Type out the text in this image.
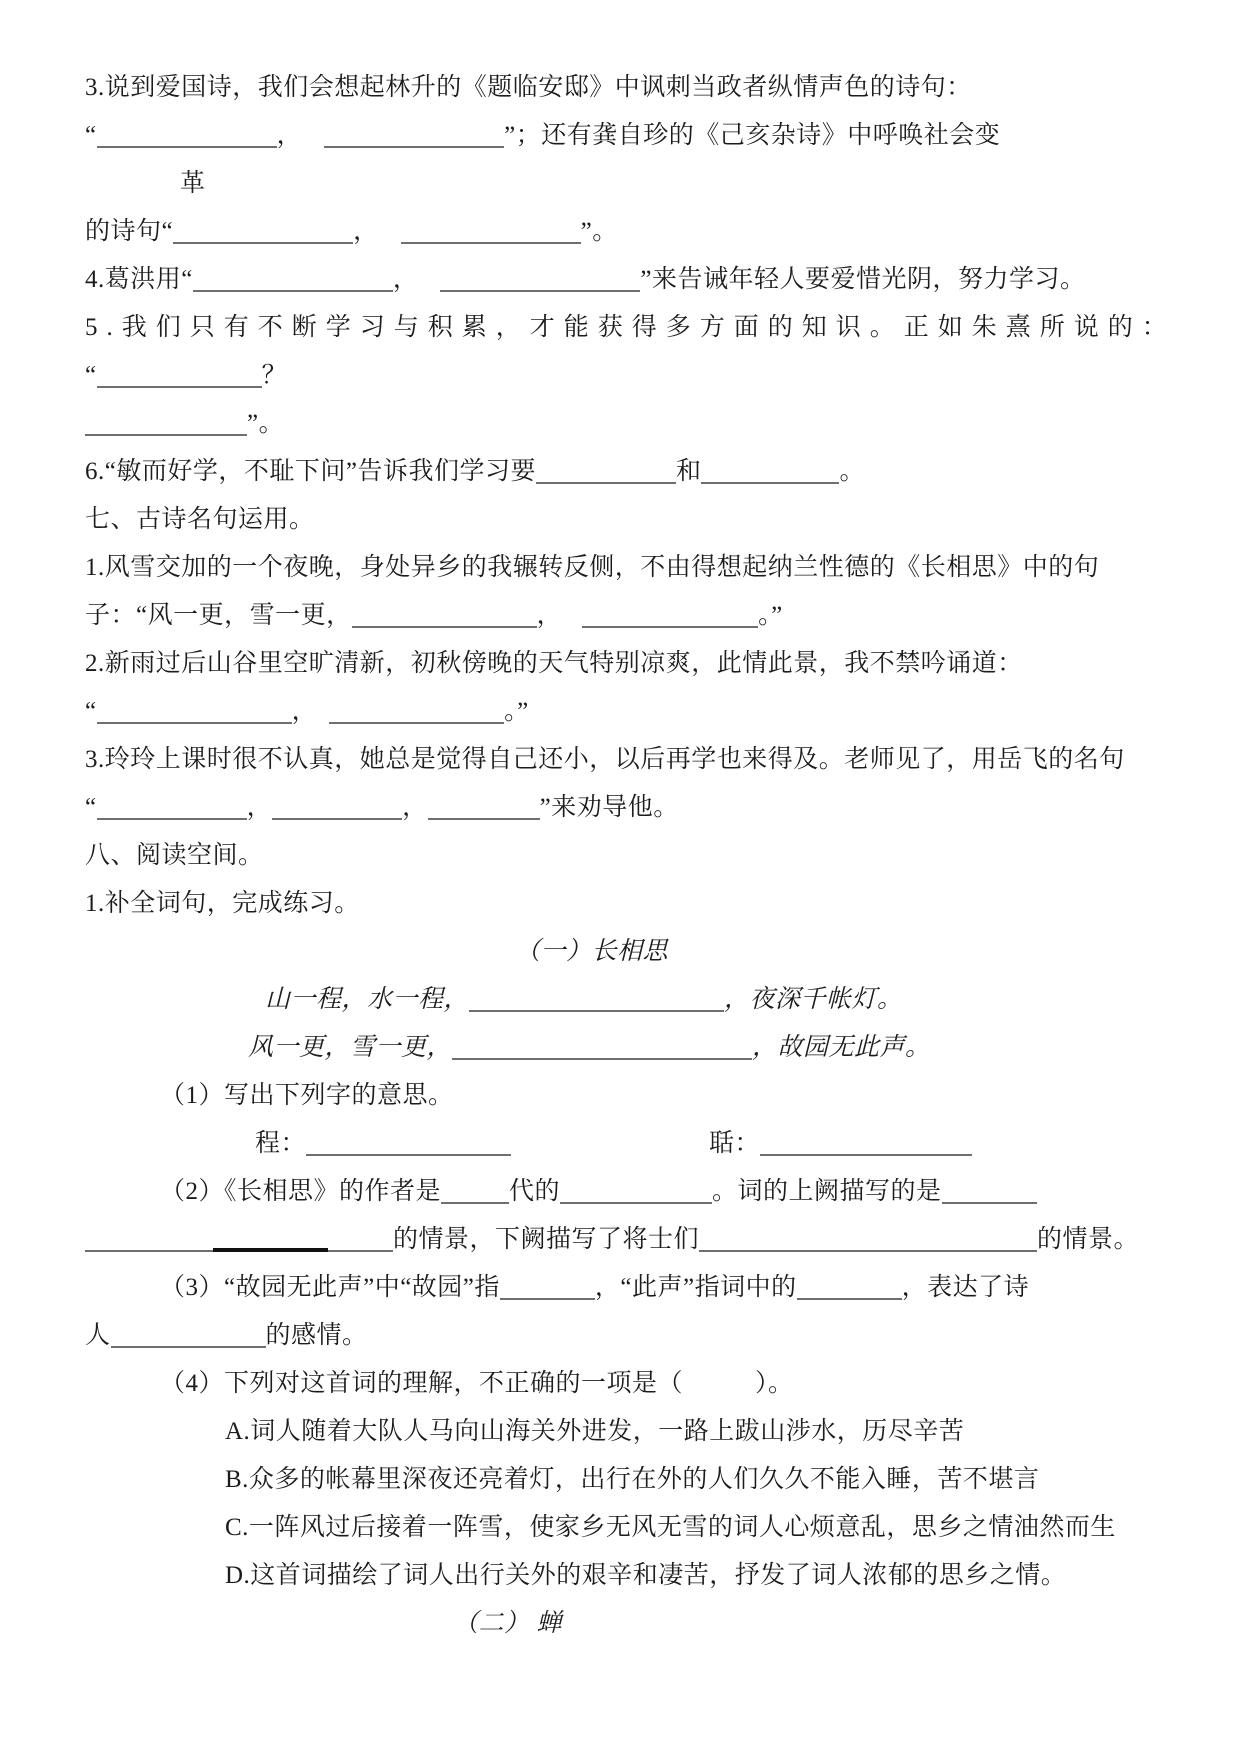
3.说到爱国诗，我们会想起林升的《题临安邸》中讽刺当政者纵情声色的诗句：
“	，	”；还有龚自珍的《己亥杂诗》中呼唤社会变
革
的诗句“	，	”。
4.葛洪用“	，	”来告诫年轻人要爱惜光阴，努力学习。
5.我们只有不断学习与积累，才能获得多方面的知识。正如朱熹所说的：
“	？
”。
6.“敏而好学，不耻下问”告诉我们学习要	和	。
七、古诗名句运用。
1.风雪交加的一个夜晚，身处异乡的我辗转反侧，不由得想起纳兰性德的《长相思》中的句
子：“风一更，雪一更，	，	。”
2.新雨过后山谷里空旷清新，初秋傍晚的天气特别凉爽，此情此景，我不禁吟诵道：
“	，	。”
3.玲玲上课时很不认真，她总是觉得自己还小，以后再学也来得及。老师见了，用岳飞的名句
“	，	，	”来劝导他。
八、阅读空间。
1.补全词句，完成练习。
（一）长相思
山一程，水一程，	，夜深千帐灯。
风一更，雪一更，	，故园无此声。
（1）写出下列字的意思。
程：	聒：
（2）《长相思》的作者是	代的	。词的上阙描写的是
的情景，下阙描写了将士们	的情景。
（3）“故园无此声”中“故园”指	，“此声”指词中的	，表达了诗
人	的感情。
（4）下列对这首词的理解，不正确的一项是（	）。
A.词人随着大队人马向山海关外进发，一路上跋山涉水，历尽辛苦
B.众多的帐幕里深夜还亮着灯，出行在外的人们久久不能入睡，苦不堪言
C.一阵风过后接着一阵雪，使家乡无风无雪的词人心烦意乱，思乡之情油然而生
D.这首词描绘了词人出行关外的艰辛和凄苦，抒发了词人浓郁的思乡之情。
（二） 蝉
